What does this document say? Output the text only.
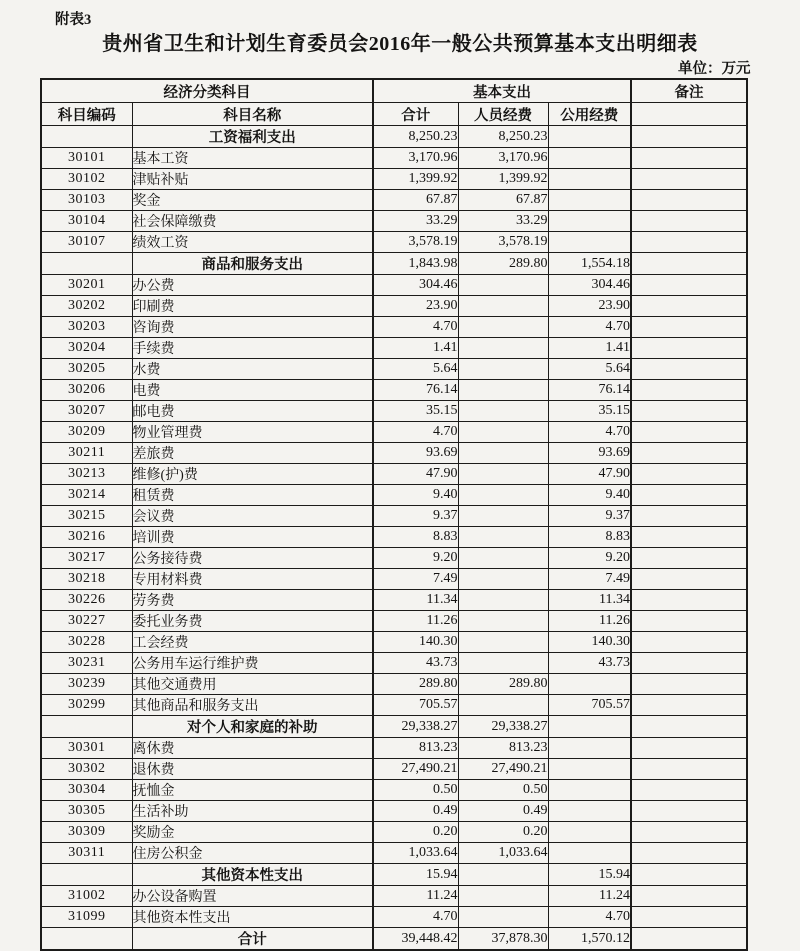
附表3
贵州省卫生和计划生育委员会2016年一般公共预算基本支出明细表
单位：万元
经济分类科目		基本支出			备注
科目编码	科目名称	合计	人员经费	公用经费	
	工资福利支出	8,250.23	8,250.23		
30101	基本工资	3,170.96	3,170.96		
30102	津贴补贴	1,399.92	1,399.92		
30103	奖金	67.87	67.87		
30104	社会保障缴费	33.29	33.29		
30107	绩效工资	3,578.19	3,578.19		
	商品和服务支出	1,843.98	289.80	1,554.18	
30201	办公费	304.46		304.46	
30202	印刷费	23.90		23.90	
30203	咨询费	4.70		4.70	
30204	手续费	1.41		1.41	
30205	水费	5.64		5.64	
30206	电费	76.14		76.14	
30207	邮电费	35.15		35.15	
30209	物业管理费	4.70		4.70	
30211	差旅费	93.69		93.69	
30213	维修(护)费	47.90		47.90	
30214	租赁费	9.40		9.40	
30215	会议费	9.37		9.37	
30216	培训费	8.83		8.83	
30217	公务接待费	9.20		9.20	
30218	专用材料费	7.49		7.49	
30226	劳务费	11.34		11.34	
30227	委托业务费	11.26		11.26	
30228	工会经费	140.30		140.30	
30231	公务用车运行维护费	43.73		43.73	
30239	其他交通费用	289.80	289.80		
30299	其他商品和服务支出	705.57		705.57	
	对个人和家庭的补助	29,338.27	29,338.27		
30301	离休费	813.23	813.23		
30302	退休费	27,490.21	27,490.21		
30304	抚恤金	0.50	0.50		
30305	生活补助	0.49	0.49		
30309	奖励金	0.20	0.20		
30311	住房公积金	1,033.64	1,033.64		
	其他资本性支出	15.94		15.94	
31002	办公设备购置	11.24		11.24	
31099	其他资本性支出	4.70		4.70	
	合计	39,448.42	37,878.30	1,570.12	
